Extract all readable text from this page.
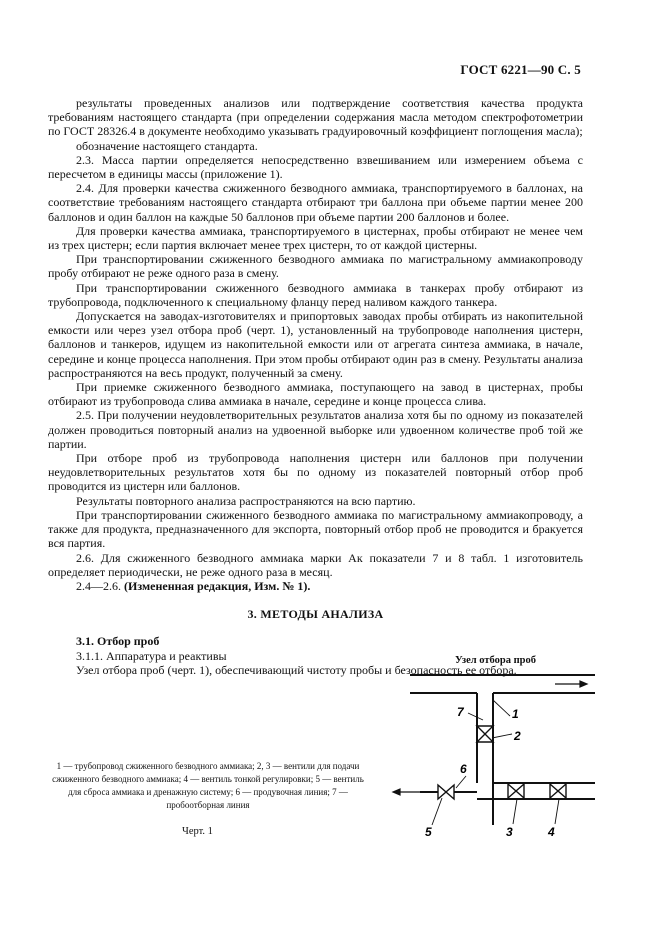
ГОСТ 6221—90 С. 5

результаты проведенных анализов или подтверждение соответствия качества продукта требованиям настоящего стандарта (при определении содержания масла методом спектрофотометрии по ГОСТ 28326.4 в документе необходимо указывать градуировочный коэффициент поглощения масла);

обозначение настоящего стандарта.

2.3. Масса партии определяется непосредственно взвешиванием или измерением объема с пересчетом в единицы массы (приложение 1).

2.4. Для проверки качества сжиженного безводного аммиака, транспортируемого в баллонах, на соответствие требованиям настоящего стандарта отбирают три баллона при объеме партии менее 200 баллонов и один баллон на каждые 50 баллонов при объеме партии 200 баллонов и более.

Для проверки качества аммиака, транспортируемого в цистернах, пробы отбирают не менее чем из трех цистерн; если партия включает менее трех цистерн, то от каждой цистерны.

При транспортировании сжиженного безводного аммиака по магистральному аммиакопроводу пробу отбирают не реже одного раза в смену.

При транспортировании сжиженного безводного аммиака в танкерах пробу отбирают из трубопровода, подключенного к специальному фланцу перед наливом каждого танкера.

Допускается на заводах-изготовителях и припортовых заводах пробы отбирать из накопительной емкости или через узел отбора проб (черт. 1), установленный на трубопроводе наполнения цистерн, баллонов и танкеров, идущем из накопительной емкости или от агрегата синтеза аммиака, в начале, середине и конце процесса наполнения. При этом пробы отбирают один раз в смену. Результаты анализа распространяются на весь продукт, полученный за смену.

При приемке сжиженного безводного аммиака, поступающего на завод в цистернах, пробы отбирают из трубопровода слива аммиака в начале, середине и конце процесса слива.

2.5. При получении неудовлетворительных результатов анализа хотя бы по одному из показателей должен проводиться повторный анализ на удвоенной выборке или удвоенном количестве проб той же партии.

При отборе проб из трубопровода наполнения цистерн или баллонов при получении неудовлетворительных результатов хотя бы по одному из показателей повторный отбор проб проводится из цистерн или баллонов.

Результаты повторного анализа распространяются на всю партию.

При транспортировании сжиженного безводного аммиака по магистральному аммиакопроводу, а также для продукта, предназначенного для экспорта, повторный отбор проб не проводится и бракуется вся партия.

2.6. Для сжиженного безводного аммиака марки Ак показатели 7 и 8 табл. 1 изготовитель определяет периодически, не реже одного раза в месяц.

2.4—2.6. (Измененная редакция, Изм. № 1).

3. МЕТОДЫ АНАЛИЗА

3.1. Отбор проб

3.1.1. Аппаратура и реактивы

Узел отбора проб (черт. 1), обеспечивающий чистоту пробы и безопасность ее отбора.

Узел отбора проб
7	1
2
6
5	3	4
1 — трубопровод сжиженного безводного аммиака; 2, 3 — вентили для подачи сжиженного безводного аммиака; 4 — вентиль тонкой регулировки; 5 — вентиль для сброса аммиака и дренажную систему; 6 — продувочная линия; 7 — пробоотборная линия
Черт. 1
